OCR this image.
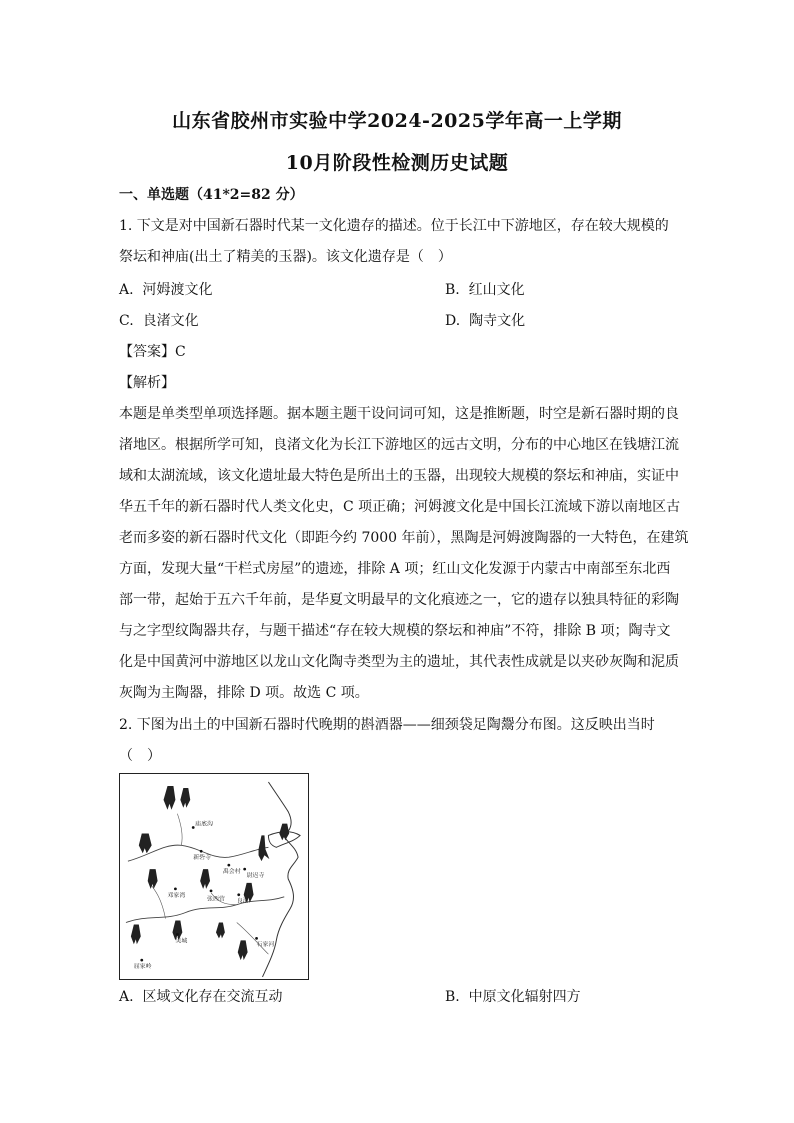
山东省胶州市实验中学2024-2025学年高一上学期
10月阶段性检测历史试题
一、单选题（41*2=82 分）
1. 下文是对中国新石器时代某一文化遗存的描述。位于长江中下游地区，存在较大规模的
祭坛和神庙(出土了精美的玉器)。该文化遗存是（　）
A. 河姆渡文化	B. 红山文化
C. 良渚文化	D. 陶寺文化
【答案】C
【解析】
本题是单类型单项选择题。据本题主题干设问词可知，这是推断题，时空是新石器时期的良
渚地区。根据所学可知，良渚文化为长江下游地区的远古文明，分布的中心地区在钱塘江流
域和太湖流域，该文化遗址最大特色是所出土的玉器，出现较大规模的祭坛和神庙，实证中
华五千年的新石器时代人类文化史，C 项正确；河姆渡文化是中国长江流域下游以南地区古
老而多姿的新石器时代文化（即距今约 7000 年前），黑陶是河姆渡陶器的一大特色，在建筑
方面，发现大量“干栏式房屋”的遗迹，排除 A 项；红山文化发源于内蒙古中南部至东北西
部一带，起始于五六千年前，是华夏文明最早的文化痕迹之一，它的遗存以独具特征的彩陶
与之字型纹陶器共存，与题干描述“存在较大规模的祭坛和神庙”不符，排除 B 项；陶寺文
化是中国黄河中游地区以龙山文化陶寺类型为主的遗址，其代表性成就是以夹砂灰陶和泥质
灰陶为主陶器，排除 D 项。故选 C 项。
2. 下图为出土的中国新石器时代晚期的斟酒器——细颈袋足陶鬶分布图。这反映出当时
（　）
庙底沟
新砦寺
禹会村
尉迟寺
邓家湾
张西营 良渚
吴城
石家河
屈家岭
A. 区域文化存在交流互动	B. 中原文化辐射四方
